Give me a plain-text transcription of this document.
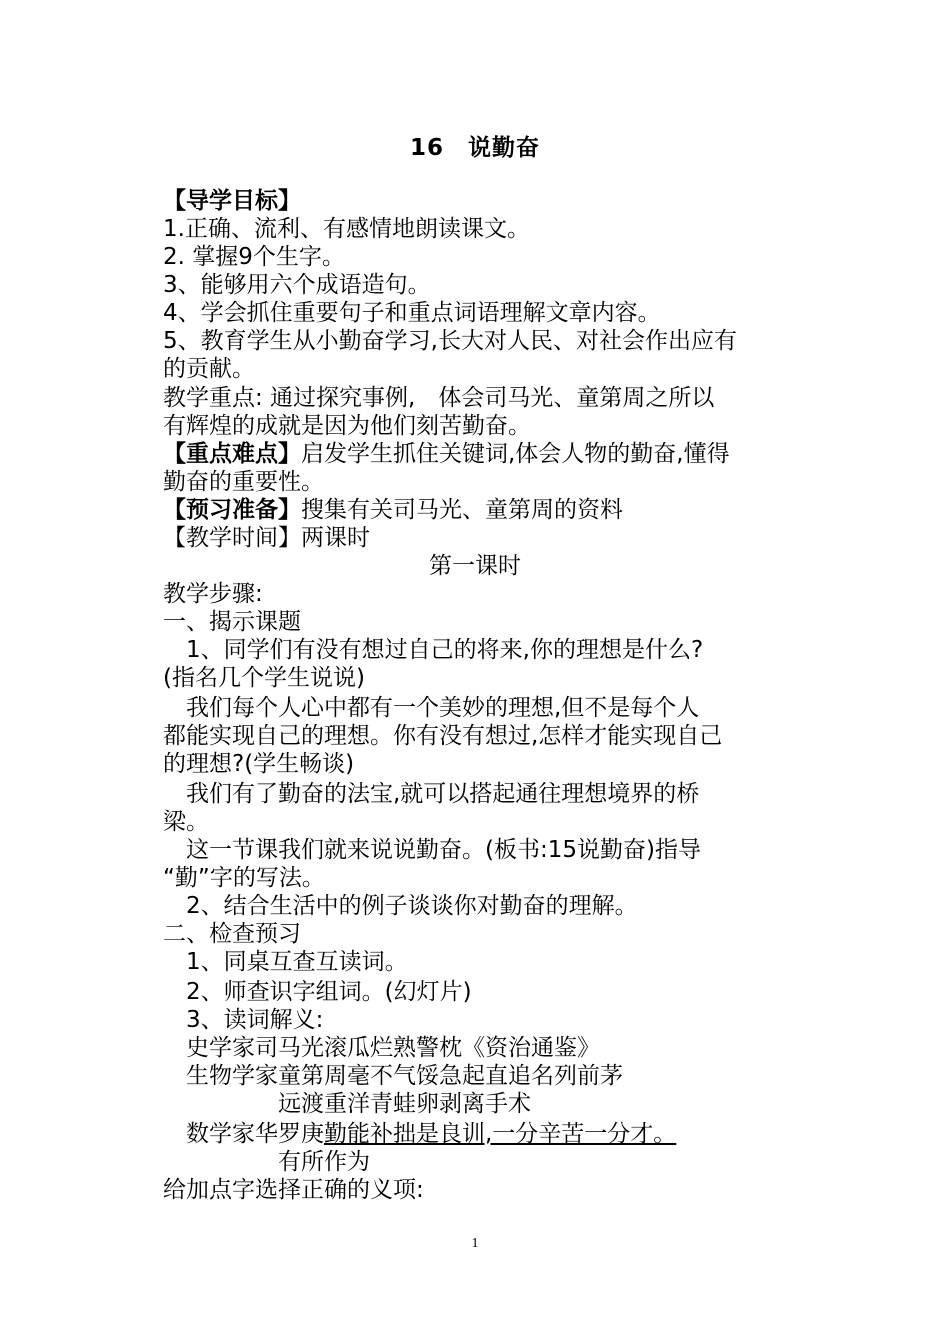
16　说勤奋
【导学目标】
1.正确、流利、有感情地朗读课文。
2. 掌握9个生字。
3、能够用六个成语造句。
4、学会抓住重要句子和重点词语理解文章内容。
5、教育学生从小勤奋学习,长大对人民、对社会作出应有
的贡献。
教学重点: 通过探究事例,　体会司马光、童第周之所以
有辉煌的成就是因为他们刻苦勤奋。
【重点难点】启发学生抓住关键词,体会人物的勤奋,懂得
勤奋的重要性。
【预习准备】搜集有关司马光、童第周的资料
【教学时间】两课时
第一课时
教学步骤:
一、揭示课题
　1、同学们有没有想过自己的将来,你的理想是什么?
(指名几个学生说说)
　我们每个人心中都有一个美妙的理想,但不是每个人
都能实现自己的理想。你有没有想过,怎样才能实现自己
的理想?(学生畅谈)
　我们有了勤奋的法宝,就可以搭起通往理想境界的桥
梁。
　这一节课我们就来说说勤奋。(板书:15说勤奋)指导
“勤”字的写法。
　2、结合生活中的例子谈谈你对勤奋的理解。
二、检查预习
　1、同桌互查互读词。
　2、师查识字组词。(幻灯片)
　3、读词解义:
　史学家司马光滚瓜烂熟警枕《资治通鉴》
　生物学家童第周毫不气馁急起直追名列前茅
　　　　　远渡重洋青蛙卵剥离手术
　数学家华罗庚勤能补拙是良训,一分辛苦一分才。
　　　　　有所作为
给加点字选择正确的义项:
1
